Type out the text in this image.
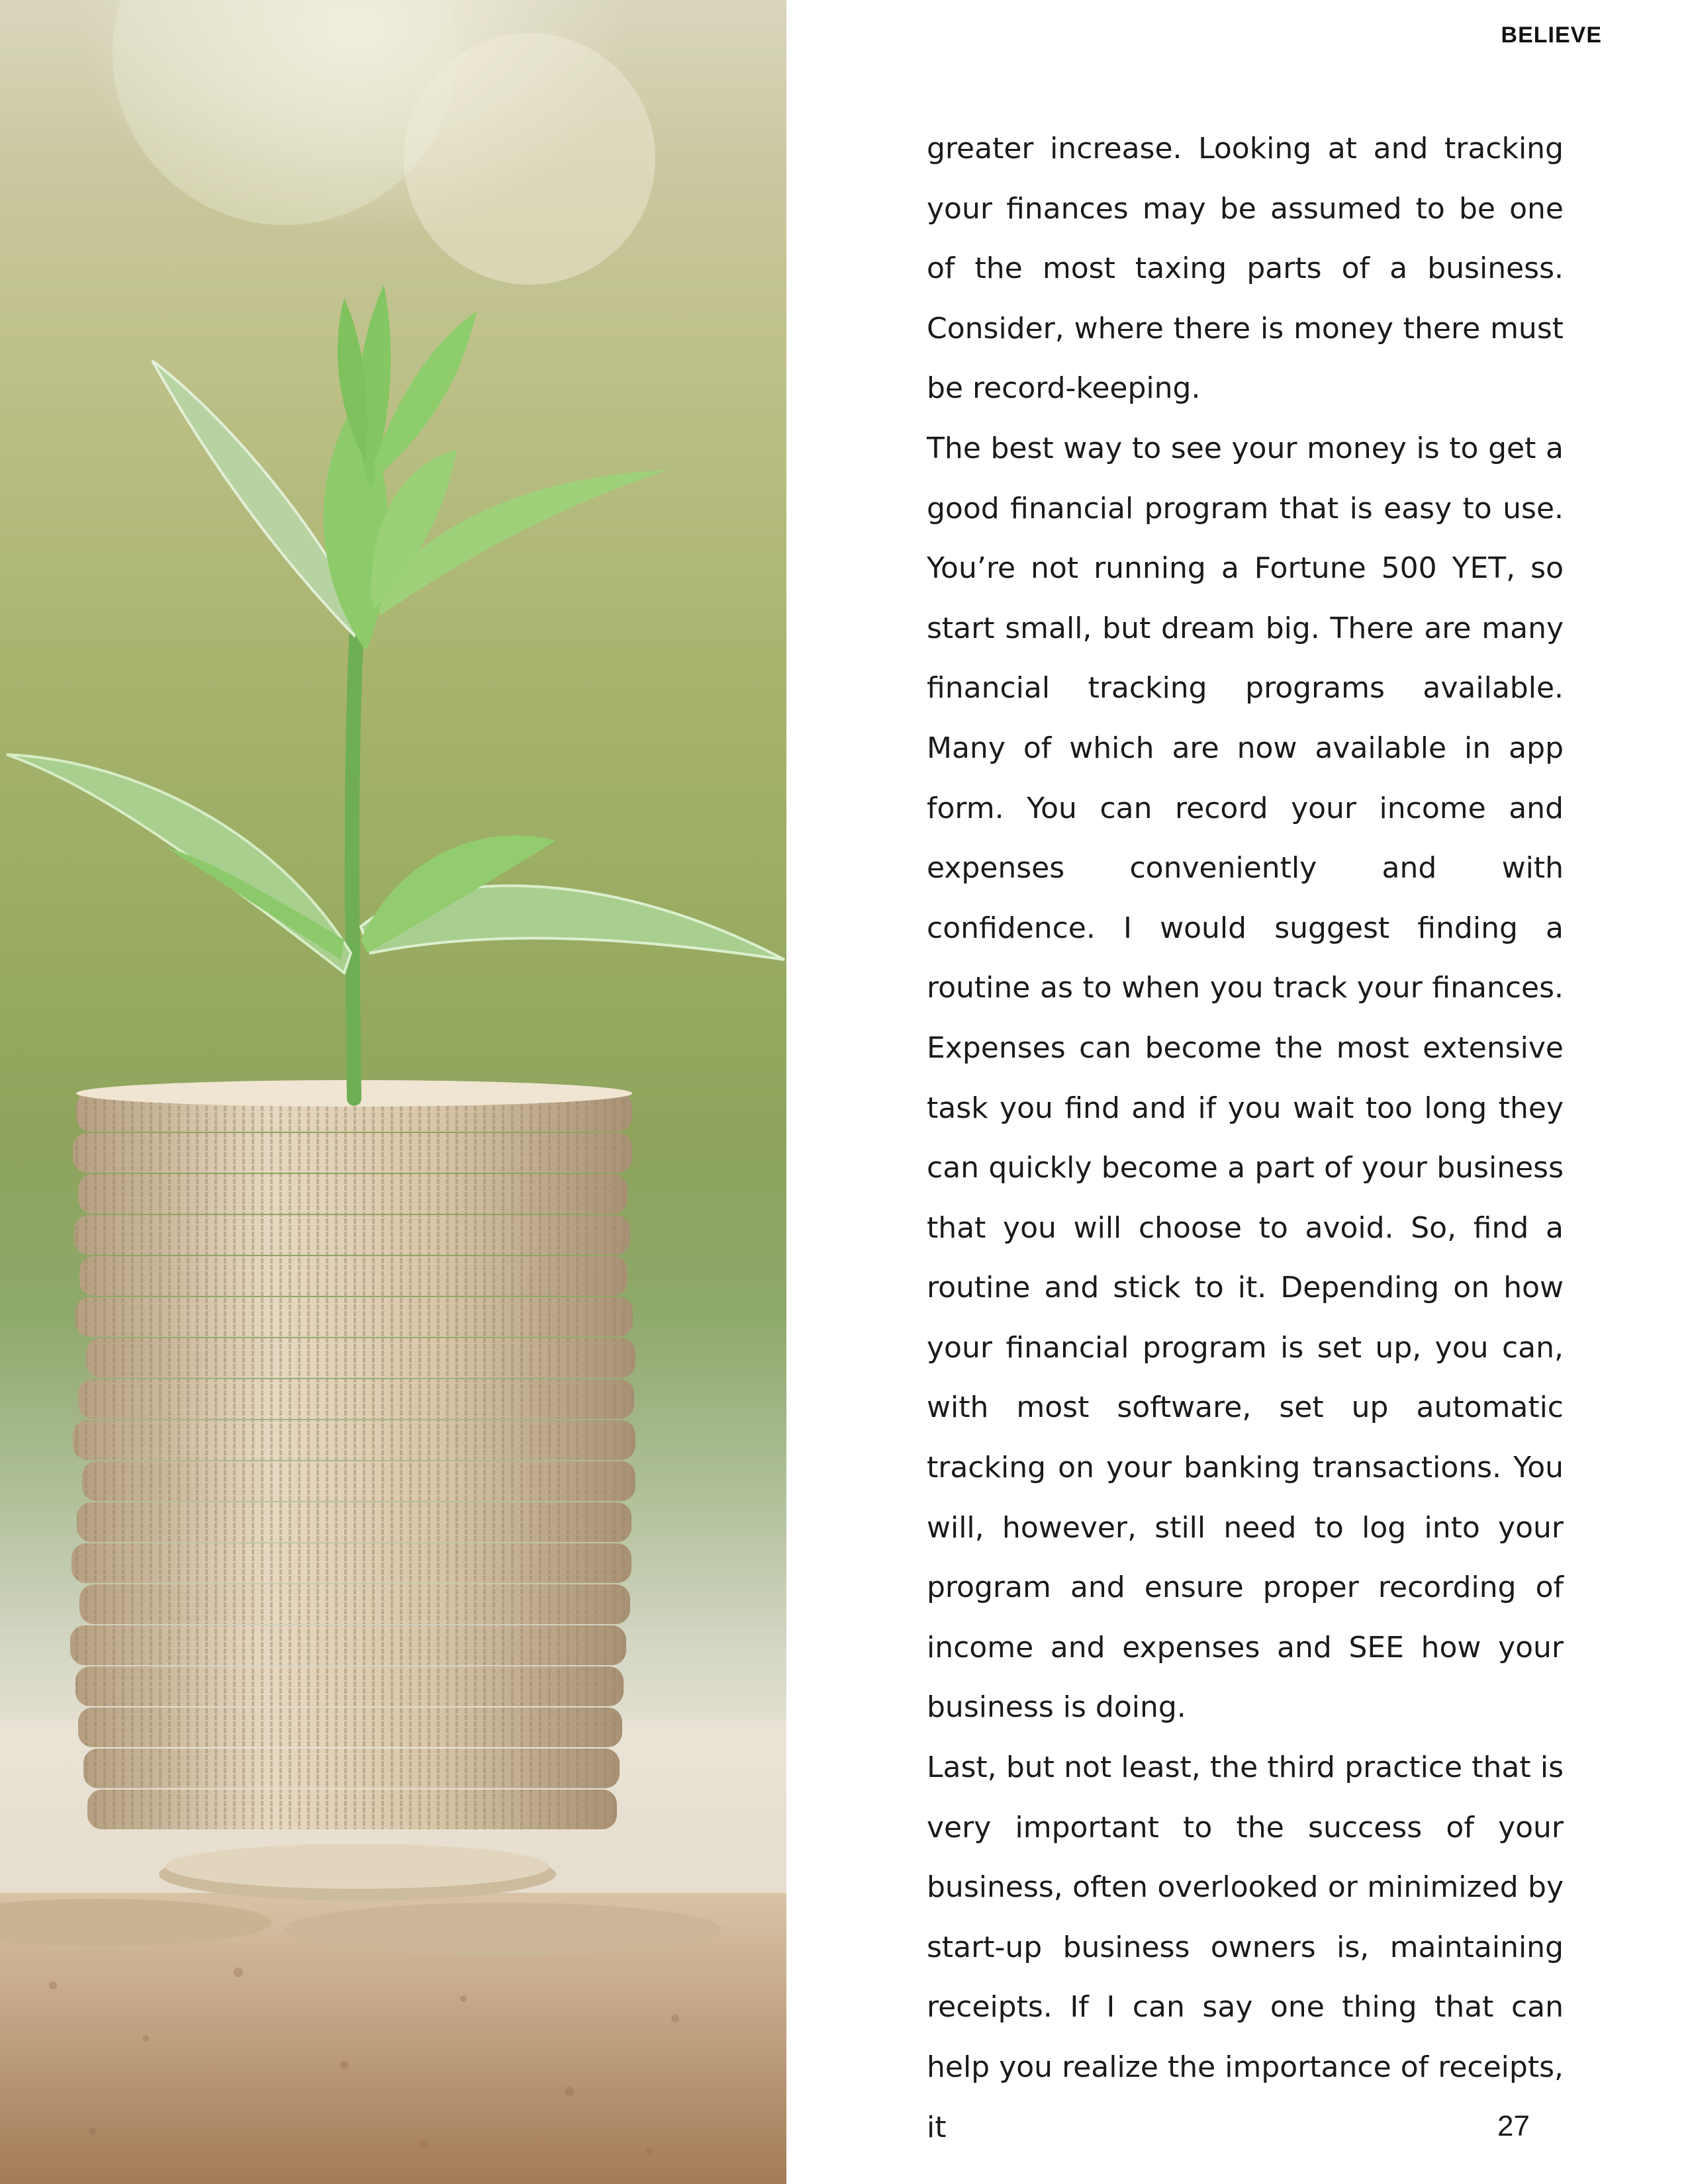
BELIEVE

greater increase. Looking at and tracking your finances may be assumed to be one of the most taxing parts of a business. Consider, where there is money there must be record-keeping.

The best way to see your money is to get a good financial program that is easy to use. You’re not running a Fortune 500 YET, so start small, but dream big. There are many financial tracking programs available. Many of which are now available in app form. You can record your income and expenses conveniently and with confidence. I would suggest finding a routine as to when you track your finances. Expenses can become the most extensive task you find and if you wait too long they can quickly become a part of your business that you will choose to avoid. So, find a routine and stick to it. Depending on how your financial program is set up, you can, with most software, set up automatic tracking on your banking transactions. You will, however, still need to log into your program and ensure proper recording of income and expenses and SEE how your business is doing.

Last, but not least, the third practice that is very important to the success of your business, often overlooked or minimized by start-up business owners is, maintaining receipts. If I can say one thing that can help you realize the importance of receipts, it	27
